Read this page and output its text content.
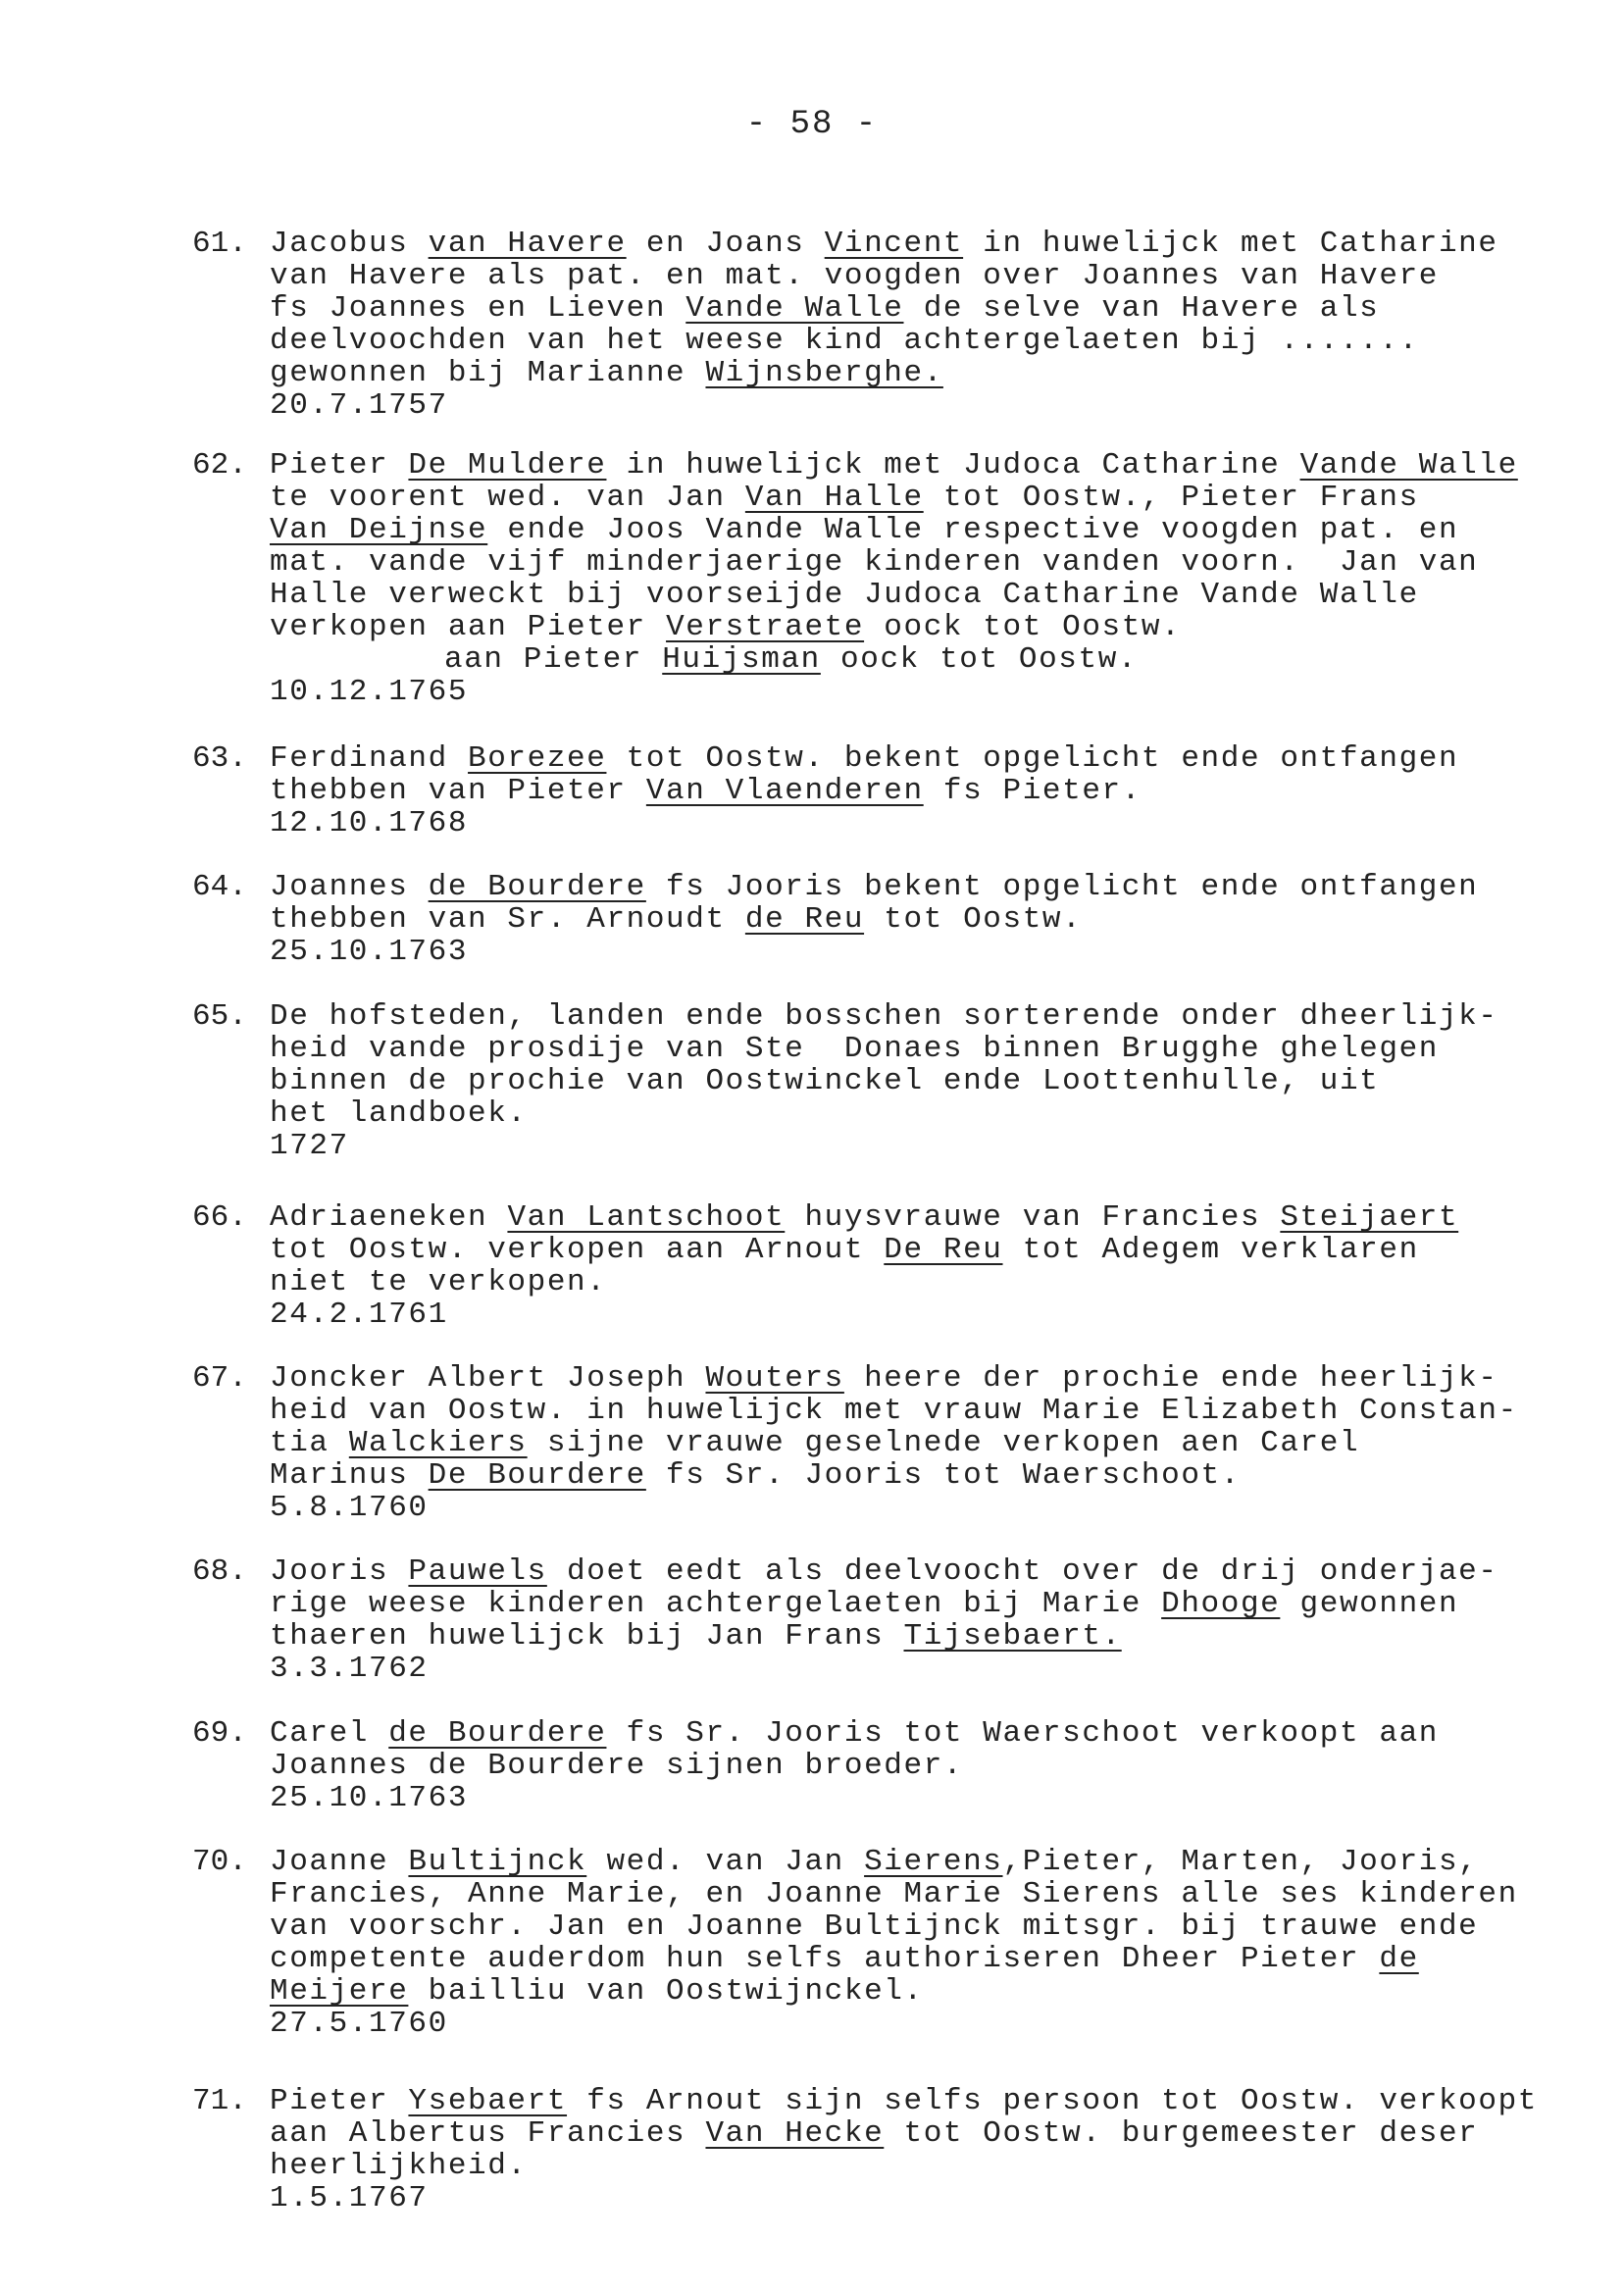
- 58 -
61. Jacobus van Havere en Joans Vincent in huwelijck met Catharine
van Havere als pat. en mat. voogden over Joannes van Havere
fs Joannes en Lieven Vande Walle de selve van Havere als
deelvoochden van het weese kind achtergelaeten bij .......
gewonnen bij Marianne Wijnsberghe.
20.7.1757
62. Pieter De Muldere in huwelijck met Judoca Catharine Vande Walle
te voorent wed. van Jan Van Halle tot Oostw., Pieter Frans
Van Deijnse ende Joos Vande Walle respective voogden pat. en
mat. vande vijf minderjaerige kinderen vanden voorn.  Jan van
Halle verweckt bij voorseijde Judoca Catharine Vande Walle
verkopen aan Pieter Verstraete oock tot Oostw.
aan Pieter Huijsman oock tot Oostw.
10.12.1765
63. Ferdinand Borezee tot Oostw. bekent opgelicht ende ontfangen
thebben van Pieter Van Vlaenderen fs Pieter.
12.10.1768
64. Joannes de Bourdere fs Jooris bekent opgelicht ende ontfangen
thebben van Sr. Arnoudt de Reu tot Oostw.
25.10.1763
65. De hofsteden, landen ende bosschen sorterende onder dheerlijk-
heid vande prosdije van Ste  Donaes binnen Brugghe ghelegen
binnen de prochie van Oostwinckel ende Loottenhulle, uit
het landboek.
1727
66. Adriaeneken Van Lantschoot huysvrauwe van Francies Steijaert
tot Oostw. verkopen aan Arnout De Reu tot Adegem verklaren
niet te verkopen.
24.2.1761
67. Joncker Albert Joseph Wouters heere der prochie ende heerlijk-
heid van Oostw. in huwelijck met vrauw Marie Elizabeth Constan-
tia Walckiers sijne vrauwe geselnede verkopen aen Carel
Marinus De Bourdere fs Sr. Jooris tot Waerschoot.
5.8.1760
68. Jooris Pauwels doet eedt als deelvoocht over de drij onderjae-
rige weese kinderen achtergelaeten bij Marie Dhooge gewonnen
thaeren huwelijck bij Jan Frans Tijsebaert.
3.3.1762
69. Carel de Bourdere fs Sr. Jooris tot Waerschoot verkoopt aan
Joannes de Bourdere sijnen broeder.
25.10.1763
70. Joanne Bultijnck wed. van Jan Sierens,Pieter, Marten, Jooris,
Francies, Anne Marie, en Joanne Marie Sierens alle ses kinderen
van voorschr. Jan en Joanne Bultijnck mitsgr. bij trauwe ende
competente auderdom hun selfs authoriseren Dheer Pieter de
Meijere bailliu van Oostwijnckel.
27.5.1760
71. Pieter Ysebaert fs Arnout sijn selfs persoon tot Oostw. verkoopt
aan Albertus Francies Van Hecke tot Oostw. burgemeester deser
heerlijkheid.
1.5.1767
